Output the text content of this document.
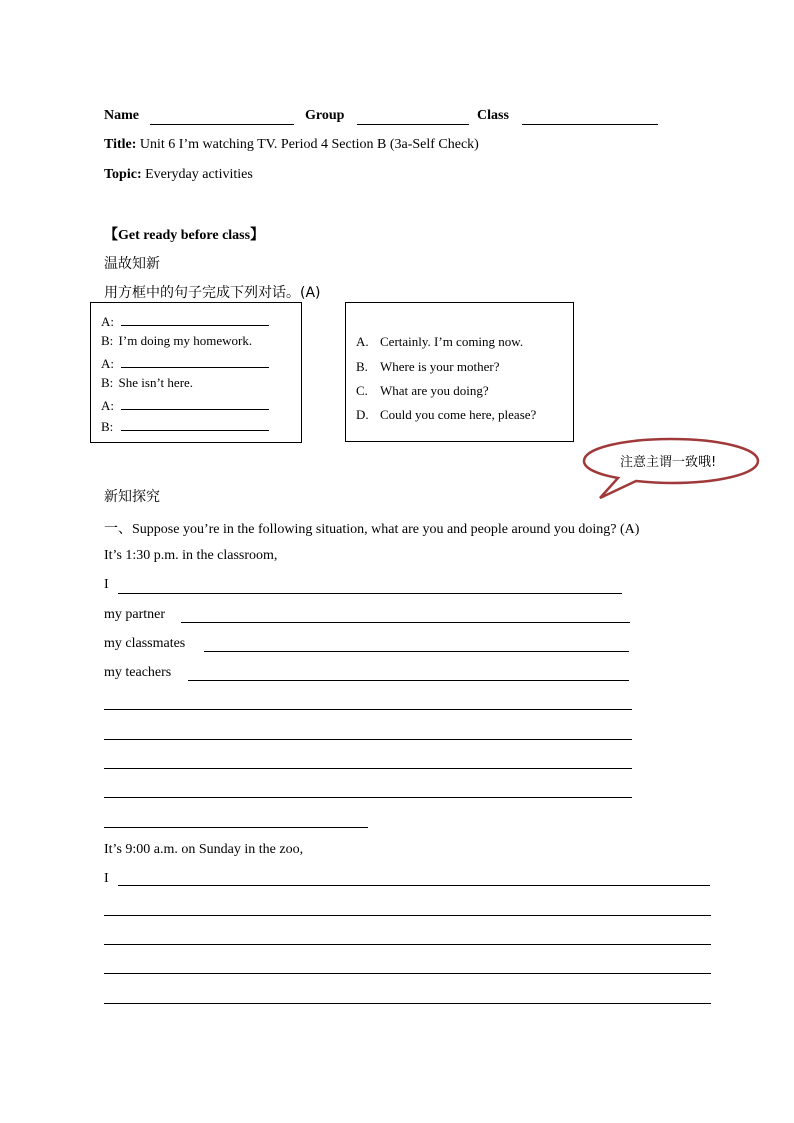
Name	Group	Class
Title: Unit 6 I’m watching TV. Period 4 Section B (3a-Self Check)
Topic: Everyday activities
【Get ready before class】
温故知新
用方框中的句子完成下列对话。(A)
A:
B: I’m doing my homework.
A:
B: She isn’t here.
A:
B:
A. Certainly. I’m coming now.
B. Where is your mother?
C. What are you doing?
D. Could you come here, please?
注意主谓一致哦!
新知探究
一、Suppose you’re in the following situation, what are you and people around you doing? (A)
It’s 1:30 p.m. in the classroom,
I
my partner
my classmates
my teachers
It’s 9:00 a.m. on Sunday in the zoo,
I
